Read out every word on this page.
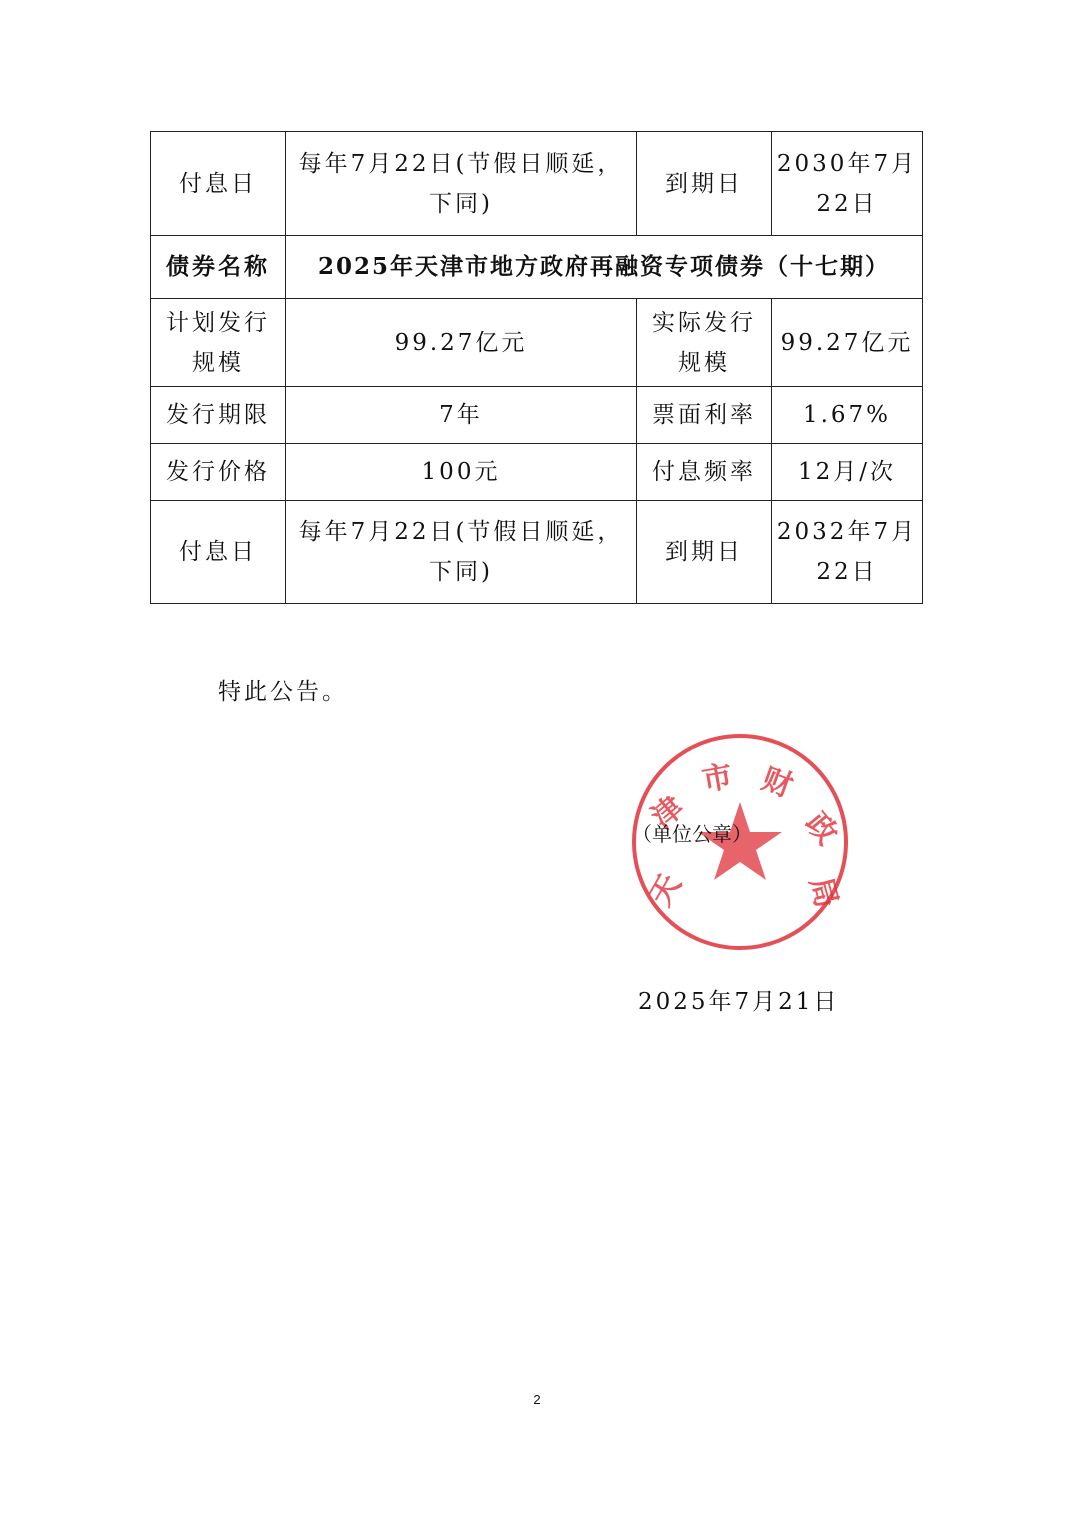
付息日	每年7月22日(节假日顺延，下同)	到期日	2030年7月22日
债券名称	2025年天津市地方政府再融资专项债券（十七期）		
计划发行规模	99.27亿元	实际发行规模	99.27亿元
发行期限	7年	票面利率	1.67%
发行价格	100元	付息频率	12月/次
付息日	每年7月22日(节假日顺延，下同)	到期日	2032年7月22日
特此公告。
天
津
市 财
政
局
（单位公章）
2025年7月21日
2
